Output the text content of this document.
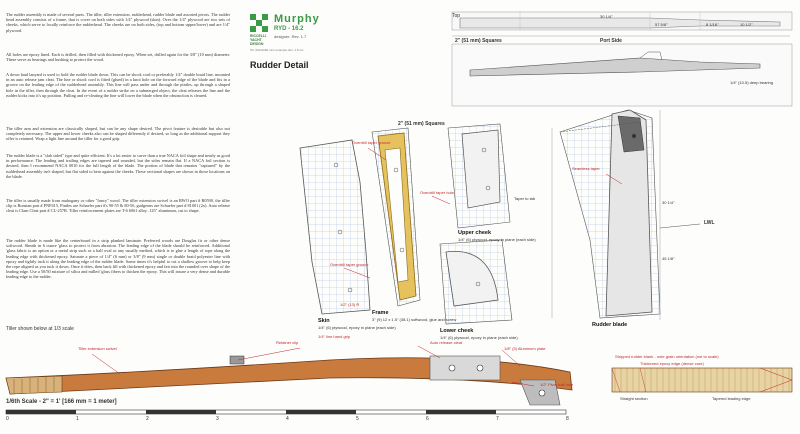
The rudder assembly is made of several parts. The tiller, tiller extension, rudderhead, rudder blade and assorted pivots. The rudder head assembly consists of a frame, that is cover on both sides with 1/4" plywood (skin). Over the 1/4" plywood are two sets of cheeks, which serve to locally reinforce the rudderhead. The cheeks are on both sides, (top and bottom upper/lower) and are 1/4" plywood.

All holes are epoxy lined. Each is drilled, then filled with thickened epoxy. When set, drilled again for the 3/8" (10 mm) diameter. These serve as bearings and bushing to protect the wood.

A down haul lanyard is used to hold the rudder blade down. This can be shock cord or preferably 1/4" double braid line, mounted in an auto release jam cleat. The line or shock cord is fitted (glued) in a knot hole on the forward edge of the blade and fits in a groove on the leading edge of the rudderhead assembly. This line will pass under and through the pintles, up through a shaped hole in the tiller, then through the cleat. In the event of a rudder strike on a submerged object, the cleat releases the line and the rudder kicks into it's up position. Pulling and re-cleating the line will lower the blade when the obstruction is cleared.

The tiller arm and extension are classically shaped, but can be any shape desired. The pivot feature is desirable but also not completely necessary. The upper and lower cheeks also can be shaped differently if desired, so long as the additional support they offer is retained. Wrap a light line around the tiller for a good grip.

The rudder blade is a "slab sided" type and quite efficient. It's a lot easier to carve than a true NACA foil shape and nearly as good in performance. The leading and trailing edges are tapered and rounded, but the sides remain flat. If a NACA foil section is desired, then I recommend NACA 0010 for the full length of the blade. The portion of blade that remains "captured" by the rudderhead assembly isn't shaped, but flat sided to bear against the cheeks. These sectional shapes are shown in those locations on the blade.

The tiller is usually made from mahogany or other "fancy" wood. The tiller extension swivel is an RWO part # R0590, the tiller clip is Ronstan part # PNP415, Pintles are Schaefer part #'s 90-55 & 80-56, gudgeons are Schaefer part # 81001 (2x). Auto release cleat is Clam Cleat part # CL-257R. Tiller reinforcement plates are T-6 6061 alloy .125" aluminum, cut to shape.

The rudder blade is made like the centerboard in a strip planked laminate. Preferred woods are Douglas fir or other dense softwood. Sheath in 6 ounce 'glass to protect it from abrasion. The leading edge of the blade should be reinforced. Additional 'glass fabric is an option or a metal strip such as a half oval or any usually method, which is to glue a length of rope along the leading edge with thickened epoxy. Saturate a piece of 1/4" (6 mm) or 3/8" (9 mm) single or double braid polyester line with epoxy and tightly tuck it along the leading edge of the rudder blade. Some times it's helpful to cut a shallow groove to help keep the rope aligned as you tuck it down. Once it dries, then back fill with thickened epoxy and fair into the rounded over shape of the leading edge. Use a 50/50 mixture of silica and milled 'glass fibers to thicken the epoxy. This will insure a very dense and durable leading edge to the rudder.

RICCELLI
YACHT
DESIGN
Murphy
RYD - 16.2
designer: Rev. 1.7
Tel. 000-0000 mmr.example.dsn. 1.5 rev
Rudder Detail
Top
2" (51 mm) Squares	Port Side
2" (51 mm) Squares
30 1/4"
57 5/8"	8 1/16"	10 1/2"
30 1/4"
45 1/8"
1/4" (10.5) deep bearing
Skin
1/4" (6) plywood, epoxy in plane (each side)
Frame
3" (9) 12 x 1.5" (38.1) softwood, glue and screw
Upper cheek
1/4" (6) plywood, epoxy in plane (each side)
Lower cheek
1/4" (6) plywood, epoxy in plane (each side)
Rudder blade
LWL
Overdrill taper groove
Overdrill taper groove
Overdrill taper hole
Seamless taper
Taper to tab
1/2" (13) R
Tiller shown below at 1/3 scale
Tiller extension swivel
Retainer clip
1/4" line hand grip
Auto release cleat
1/8" (3) Aluminum plate
1/2" Pivot bolt hole
Stripped rudder blank - note grain orientation (not to scale)
Thickened epoxy edge (dense core)
Straight section	Tapered leading edge
1/6th Scale - 2" = 1' [166 mm = 1 meter]
0	1	2	3	4	5	6	7	8
